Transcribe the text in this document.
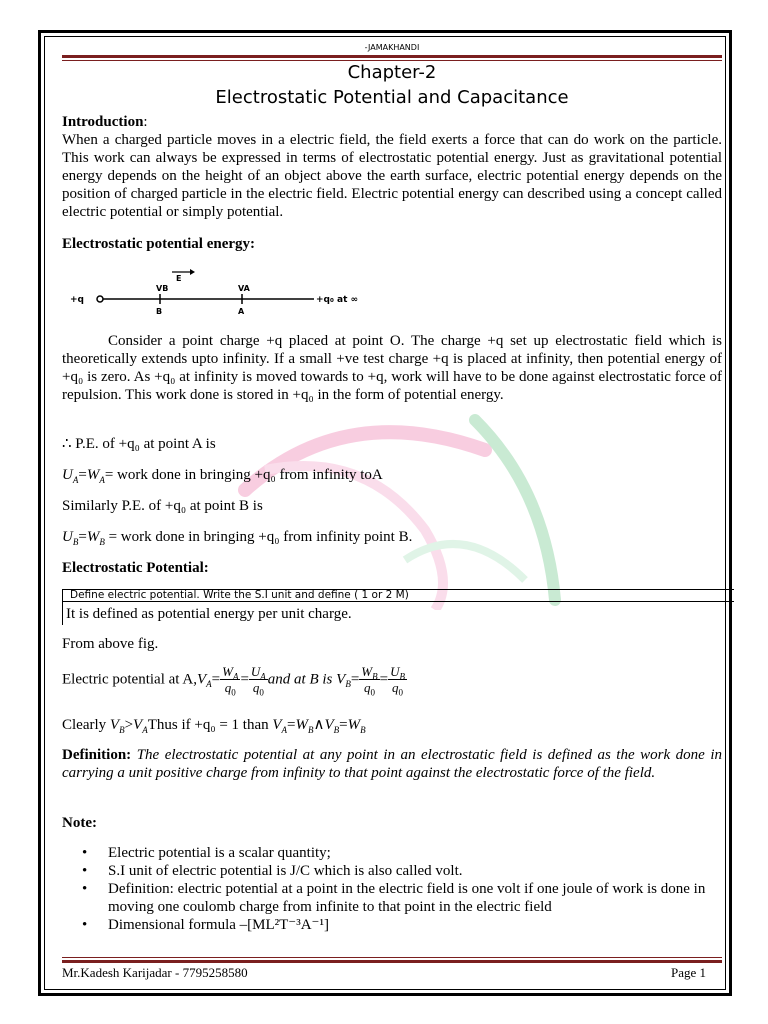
-JAMAKHANDI
Chapter-2
Electrostatic Potential and Capacitance
Introduction:
When a charged particle moves in a electric field, the field exerts a force that can do work on the particle. This work can always be expressed in terms of electrostatic potential energy. Just as gravitational potential energy depends on the height of an object above the earth surface, electric potential energy depends on the position of charged particle in the electric field. Electric potential energy can described using a concept called electric potential or simply potential.
Electrostatic potential energy:
+q
E
VB	VA
B	A
+q₀ at ∞
Consider a point charge +q placed at point O. The charge +q set up electrostatic field which is theoretically extends upto infinity. If a small +ve test charge +q is placed at infinity, then potential energy of +q₀ is zero. As +q₀ at infinity is moved towards to +q, work will have to be done against electrostatic force of repulsion. This work done is stored in +q₀ in the form of potential energy.
∴ P.E. of +q₀ at point A is
$U_A=W_A=$ work done in bringing +q₀ from infinity toA
Similarly P.E. of +q₀ at point B is
$U_B=W_B$ = work done in bringing +q₀ from infinity point B.
Electrostatic Potential:
Define electric potential. Write the S.I unit and define ( 1 or 2 M)
It is defined as potential energy per unit charge.
From above fig.
Electric potential at $A,V_A= \frac{W_A}{q_0} = \frac{U_A}{q_0}$ and at B is $V_B= \frac{W_B}{q_0} = \frac{U_B}{q_0}$
Clearly $V_B>V_AThus$ if +q₀ = 1 than $V_A=W_B\wedge V_B=W_B$
Definition: The electrostatic potential at any point in an electrostatic field is defined as the work done in carrying a unit positive charge from infinity to that point against the electrostatic force of the field.
Note:
• Electric potential is a scalar quantity;
• S.I unit of electric potential is J/C which is also called volt.
• Definition: electric potential at a point in the electric field is one volt if one joule of work is done in moving one coulomb charge from infinite to that point in the electric field
• Dimensional formula –[ML²T⁻³A⁻¹]
Mr.Kadesh Karijadar - 7795258580	Page 1
